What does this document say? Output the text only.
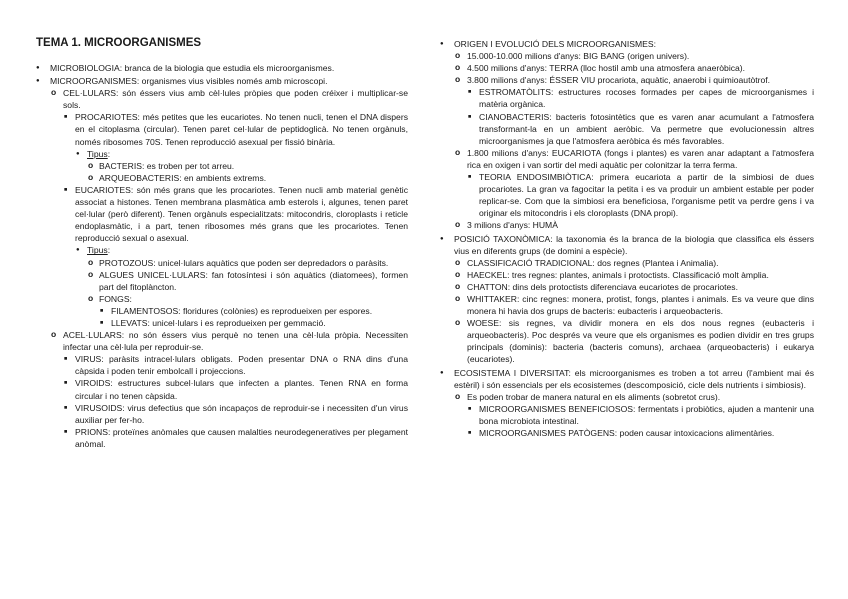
TEMA 1. MICROORGANISMES
● MICROBIOLOGIA: branca de la biologia que estudia els microorganismes.
● MICROORGANISMES: organismes vius visibles només amb microscopi.
o CEL·LULARS: són éssers vius amb cèl·lules pròpies que poden créixer i multiplicar-se sols.
■ PROCARIOTES: més petites que les eucariotes. No tenen nucli, tenen el DNA dispers en el citoplasma (circular). Tenen paret cel·lular de peptidoglicà. No tenen orgànuls, només ribosomes 70S. Tenen reproducció asexual per fissió binària.
● Tipus:
o BACTERIS: es troben per tot arreu.
o ARQUEOBACTERIS: en ambients extrems.
■ EUCARIOTES: són més grans que les procariotes. Tenen nucli amb material genètic associat a histones. Tenen membrana plasmàtica amb esterols i, algunes, tenen paret cel·lular (però diferent). Tenen orgànuls especialitzats: mitocondris, cloroplasts i reticle endoplasmàtic, i a part, tenen ribosomes més grans que les procariotes. Tenen reproducció sexual o asexual.
● Tipus:
o PROTOZOUS: unicel·lulars aquàtics que poden ser depredadors o paràsits.
o ALGUES UNICEL·LULARS: fan fotosíntesi i són aquàtics (diatomees), formen part del fitoplàncton.
o FONGS:
■ FILAMENTOSOS: floridures (colònies) es reprodueixen per espores.
■ LLEVATS: unicel·lulars i es reprodueixen per gemmació.
o ACEL·LULARS: no són éssers vius perquè no tenen una cèl·lula pròpia. Necessiten infectar una cèl·lula per reproduir-se.
■ VIRUS: paràsits intracel·lulars obligats. Poden presentar DNA o RNA dins d'una càpsida i poden tenir embolcall i projeccions.
■ VIROIDS: estructures subcel·lulars que infecten a plantes. Tenen RNA en forma circular i no tenen càpsida.
■ VIRUSOIDS: virus defectius que són incapaços de reproduir-se i necessiten d'un virus auxiliar per fer-ho.
■ PRIONS: proteïnes anòmales que causen malalties neurodegeneratives per plegament anòmal.
● ORIGEN I EVOLUCIÓ DELS MICROORGANISMES:
o 15.000-10.000 milions d'anys: BIG BANG (origen univers).
o 4.500 milions d'anys: TERRA (lloc hostil amb una atmosfera anaeròbica).
o 3.800 milions d'anys: ÉSSER VIU procariota, aquàtic, anaerobi i quimioautòtrof.
■ ESTROMATÒLITS: estructures rocoses formades per capes de microorganismes i matèria orgànica.
■ CIANOBACTERIS: bacteris fotosintètics que es varen anar acumulant a l'atmosfera transformant-la en un ambient aeròbic. Va permetre que evolucionessin altres microorganismes ja que l'atmosfera aeròbica és més favorables.
o 1.800 milions d'anys: EUCARIOTA (fongs i plantes) es varen anar adaptant a l'atmosfera rica en oxigen i van sortir del medi aquàtic per colonitzar la terra ferma.
■ TEORIA ENDOSIMBIÒTICA: primera eucariota a partir de la simbiosi de dues procariotes. La gran va fagocitar la petita i es va produir un ambient estable per poder replicar-se. Com que la simbiosi era beneficiosa, l'organisme petit va perdre gens i va originar els mitocondris i els cloroplasts (DNA propi).
o 3 milions d'anys: HUMÀ
● POSICIÓ TAXONÒMICA: la taxonomia és la branca de la biologia que classifica els éssers vius en diferents grups (de domini a espècie).
o CLASSIFICACIÓ TRADICIONAL: dos regnes (Plantea i Animalia).
o HAECKEL: tres regnes: plantes, animals i protoctists. Classificació molt àmplia.
o CHATTON: dins dels protoctists diferenciava eucariotes de procariotes.
o WHITTAKER: cinc regnes: monera, protist, fongs, plantes i animals. Es va veure que dins monera hi havia dos grups de bacteris: eubacteris i arqueobacteris.
o WOESE: sis regnes, va dividir monera en els dos nous regnes (eubacteris i arqueobacteris). Poc després va veure que els organismes es podien dividir en tres grups principals (dominis): bacteria (bacteris comuns), archaea (arqueobacteris) i eukarya (eucariotes).
● ECOSISTEMA I DIVERSITAT: els microorganismes es troben a tot arreu (l'ambient mai és estèril) i són essencials per els ecosistemes (descomposició, cicle dels nutrients i simbiosis).
o Es poden trobar de manera natural en els aliments (sobretot crus).
■ MICROORGANISMES BENEFICIOSOS: fermentats i probiòtics, ajuden a mantenir una bona microbiota intestinal.
■ MICROORGANISMES PATÒGENS: poden causar intoxicacions alimentàries.
